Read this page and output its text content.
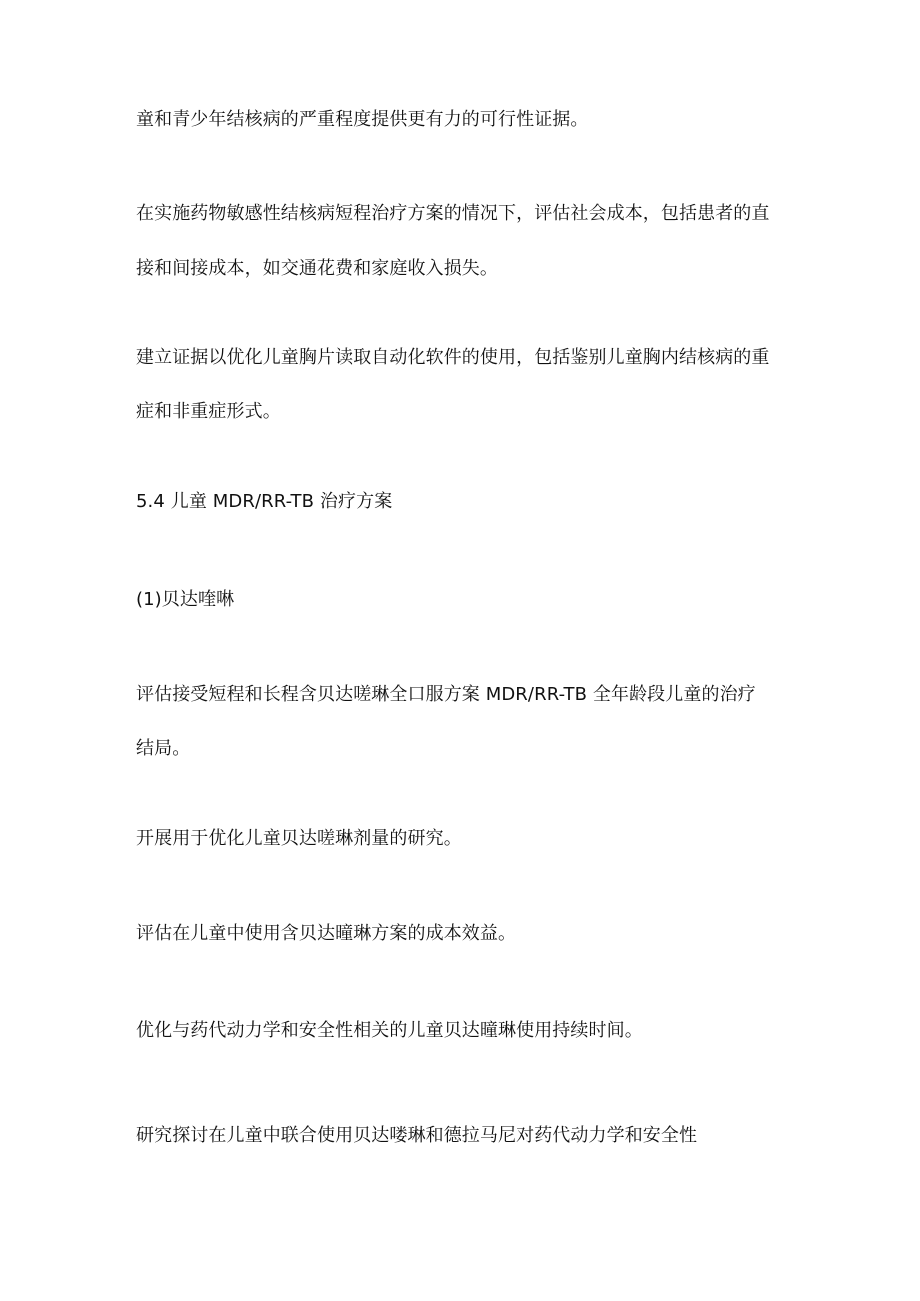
童和青少年结核病的严重程度提供更有力的可行性证据。
在实施药物敏感性结核病短程治疗方案的情况下，评估社会成本，包括患者的直
接和间接成本，如交通花费和家庭收入损失。
建立证据以优化儿童胸片读取自动化软件的使用，包括鉴别儿童胸内结核病的重
症和非重症形式。
5.4 儿童 MDR/RR-TB 治疗方案
(1)贝达喹啉
评估接受短程和长程含贝达嗟琳全口服方案 MDR/RR-TB 全年龄段儿童的治疗
结局。
开展用于优化儿童贝达嗟琳剂量的研究。
评估在儿童中使用含贝达曈琳方案的成本效益。
优化与药代动力学和安全性相关的儿童贝达曈琳使用持续时间。
研究探讨在儿童中联合使用贝达喽琳和德拉马尼对药代动力学和安全性
